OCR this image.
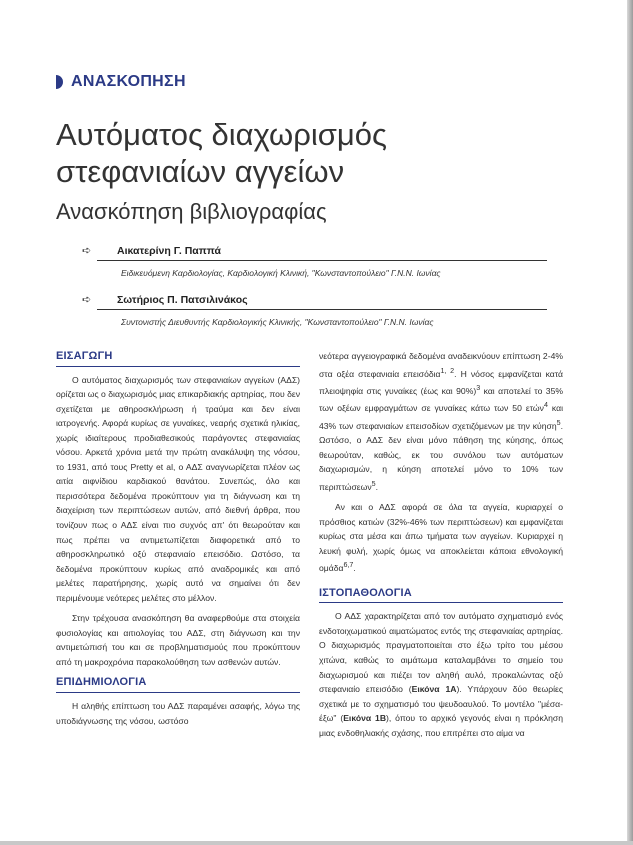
ΑΝΑΣΚΟΠΗΣΗ
Αυτόματος διαχωρισμός
στεφανιαίων αγγείων
Ανασκόπηση βιβλιογραφίας
➪	Αικατερίνη Γ. Παππά
Ειδικευόμενη Καρδιολογίας, Καρδιολογική Κλινική, "Κωνσταντοπούλειο" Γ.Ν.Ν. Ιωνίας
➪	Σωτήριος Π. Πατσιλινάκος
Συντονιστής Διευθυντής Καρδιολογικής Κλινικής, "Κωνσταντοπούλειο" Γ.Ν.Ν. Ιωνίας
ΕΙΣΑΓΩΓΗ

Ο αυτόματος διαχωρισμός των στεφανιαίων αγγείων (ΑΔΣ) ορίζεται ως ο διαχωρισμός μιας επικαρδιακής αρτηρίας, που δεν σχετίζεται με αθηροσκλήρωση ή τραύμα και δεν είναι ιατρογενής. Αφορά κυρίως σε γυναίκες, νεαρής σχετικά ηλικίας, χωρίς ιδιαίτερους προδιαθεσικούς παράγοντες στεφανιαίας νόσου. Αρκετά χρόνια μετά την πρώτη ανακάλυψη της νόσου, το 1931, από τους Pretty et al, ο ΑΔΣ αναγνωρίζεται πλέον ως αιτία αιφνίδιου καρδιακού θανάτου. Συνεπώς, όλο και περισσότερα δεδομένα προκύπτουν για τη διάγνωση και τη διαχείριση των περιπτώσεων αυτών, από διεθνή άρθρα, που τονίζουν πως ο ΑΔΣ είναι πιο συχνός απ' ότι θεωρούταν και πως πρέπει να αντιμετωπίζεται διαφορετικά από το αθηροσκληρωτικό οξύ στεφανιαίο επεισόδιο. Ωστόσο, τα δεδομένα προκύπτουν κυρίως από αναδρομικές και από μελέτες παρατήρησης, χωρίς αυτό να σημαίνει ότι δεν περιμένουμε νεότερες μελέτες στο μέλλον.

Στην τρέχουσα ανασκόπηση θα αναφερθούμε στα στοιχεία φυσιολογίας και αιτιολογίας του ΑΔΣ, στη διάγνωση και την αντιμετώπισή του και σε προβληματισμούς που προκύπτουν από τη μακροχρόνια παρακολούθηση των ασθενών αυτών.

ΕΠΙΔΗΜΙΟΛΟΓΙΑ

Η αληθής επίπτωση του ΑΔΣ παραμένει ασαφής, λόγω της υποδιάγνωσης της νόσου, ωστόσο

νεότερα αγγειογραφικά δεδομένα αναδεικνύουν επίπτωση 2-4% στα οξέα στεφανιαία επεισόδια$^{1, 2}$. Η νόσος εμφανίζεται κατά πλειοψηφία στις γυναίκες (έως και 90%)$^3$ και αποτελεί το 35% των οξέων εμφραγμάτων σε γυναίκες κάτω των 50 ετών$^4$ και 43% των στεφανιαίων επεισοδίων σχετιζόμενων με την κύηση$^5$. Ωστόσο, ο ΑΔΣ δεν είναι μόνο πάθηση της κύησης, όπως θεωρούταν, καθώς, εκ του συνόλου των αυτόματων διαχωρισμών, η κύηση αποτελεί μόνο το 10% των περιπτώσεων$^5$.

Αν και ο ΑΔΣ αφορά σε όλα τα αγγεία, κυριαρχεί ο πρόσθιος κατιών (32%-46% των περιπτώσεων) και εμφανίζεται κυρίως στα μέσα και άπω τμήματα των αγγείων. Κυριαρχεί η λευκή φυλή, χωρίς όμως να αποκλείεται κάποια εθνολογική ομάδα$^{6,7}$.

ΙΣΤΟΠΑΘΟΛΟΓΙΑ

Ο ΑΔΣ χαρακτηρίζεται από τον αυτόματο σχηματισμό ενός ενδοτοιχωματικού αιματώματος εντός της στεφανιαίας αρτηρίας. Ο διαχωρισμός πραγματοποιείται στο έξω τρίτο του μέσου χιτώνα, καθώς το αιμάτωμα καταλαμβάνει το σημείο του διαχωρισμού και πιέζει τον αληθή αυλό, προκαλώντας οξύ στεφανιαίο επεισόδιο (Εικόνα 1Α). Υπάρχουν δύο θεωρίες σχετικά με το σχηματισμό του ψευδοαυλού. Το μοντέλο "μέσα- έξω" (Εικόνα 1Β), όπου το αρχικό γεγονός είναι η πρόκληση μιας ενδοθηλιακής σχάσης, που επιτρέπει στο αίμα να
